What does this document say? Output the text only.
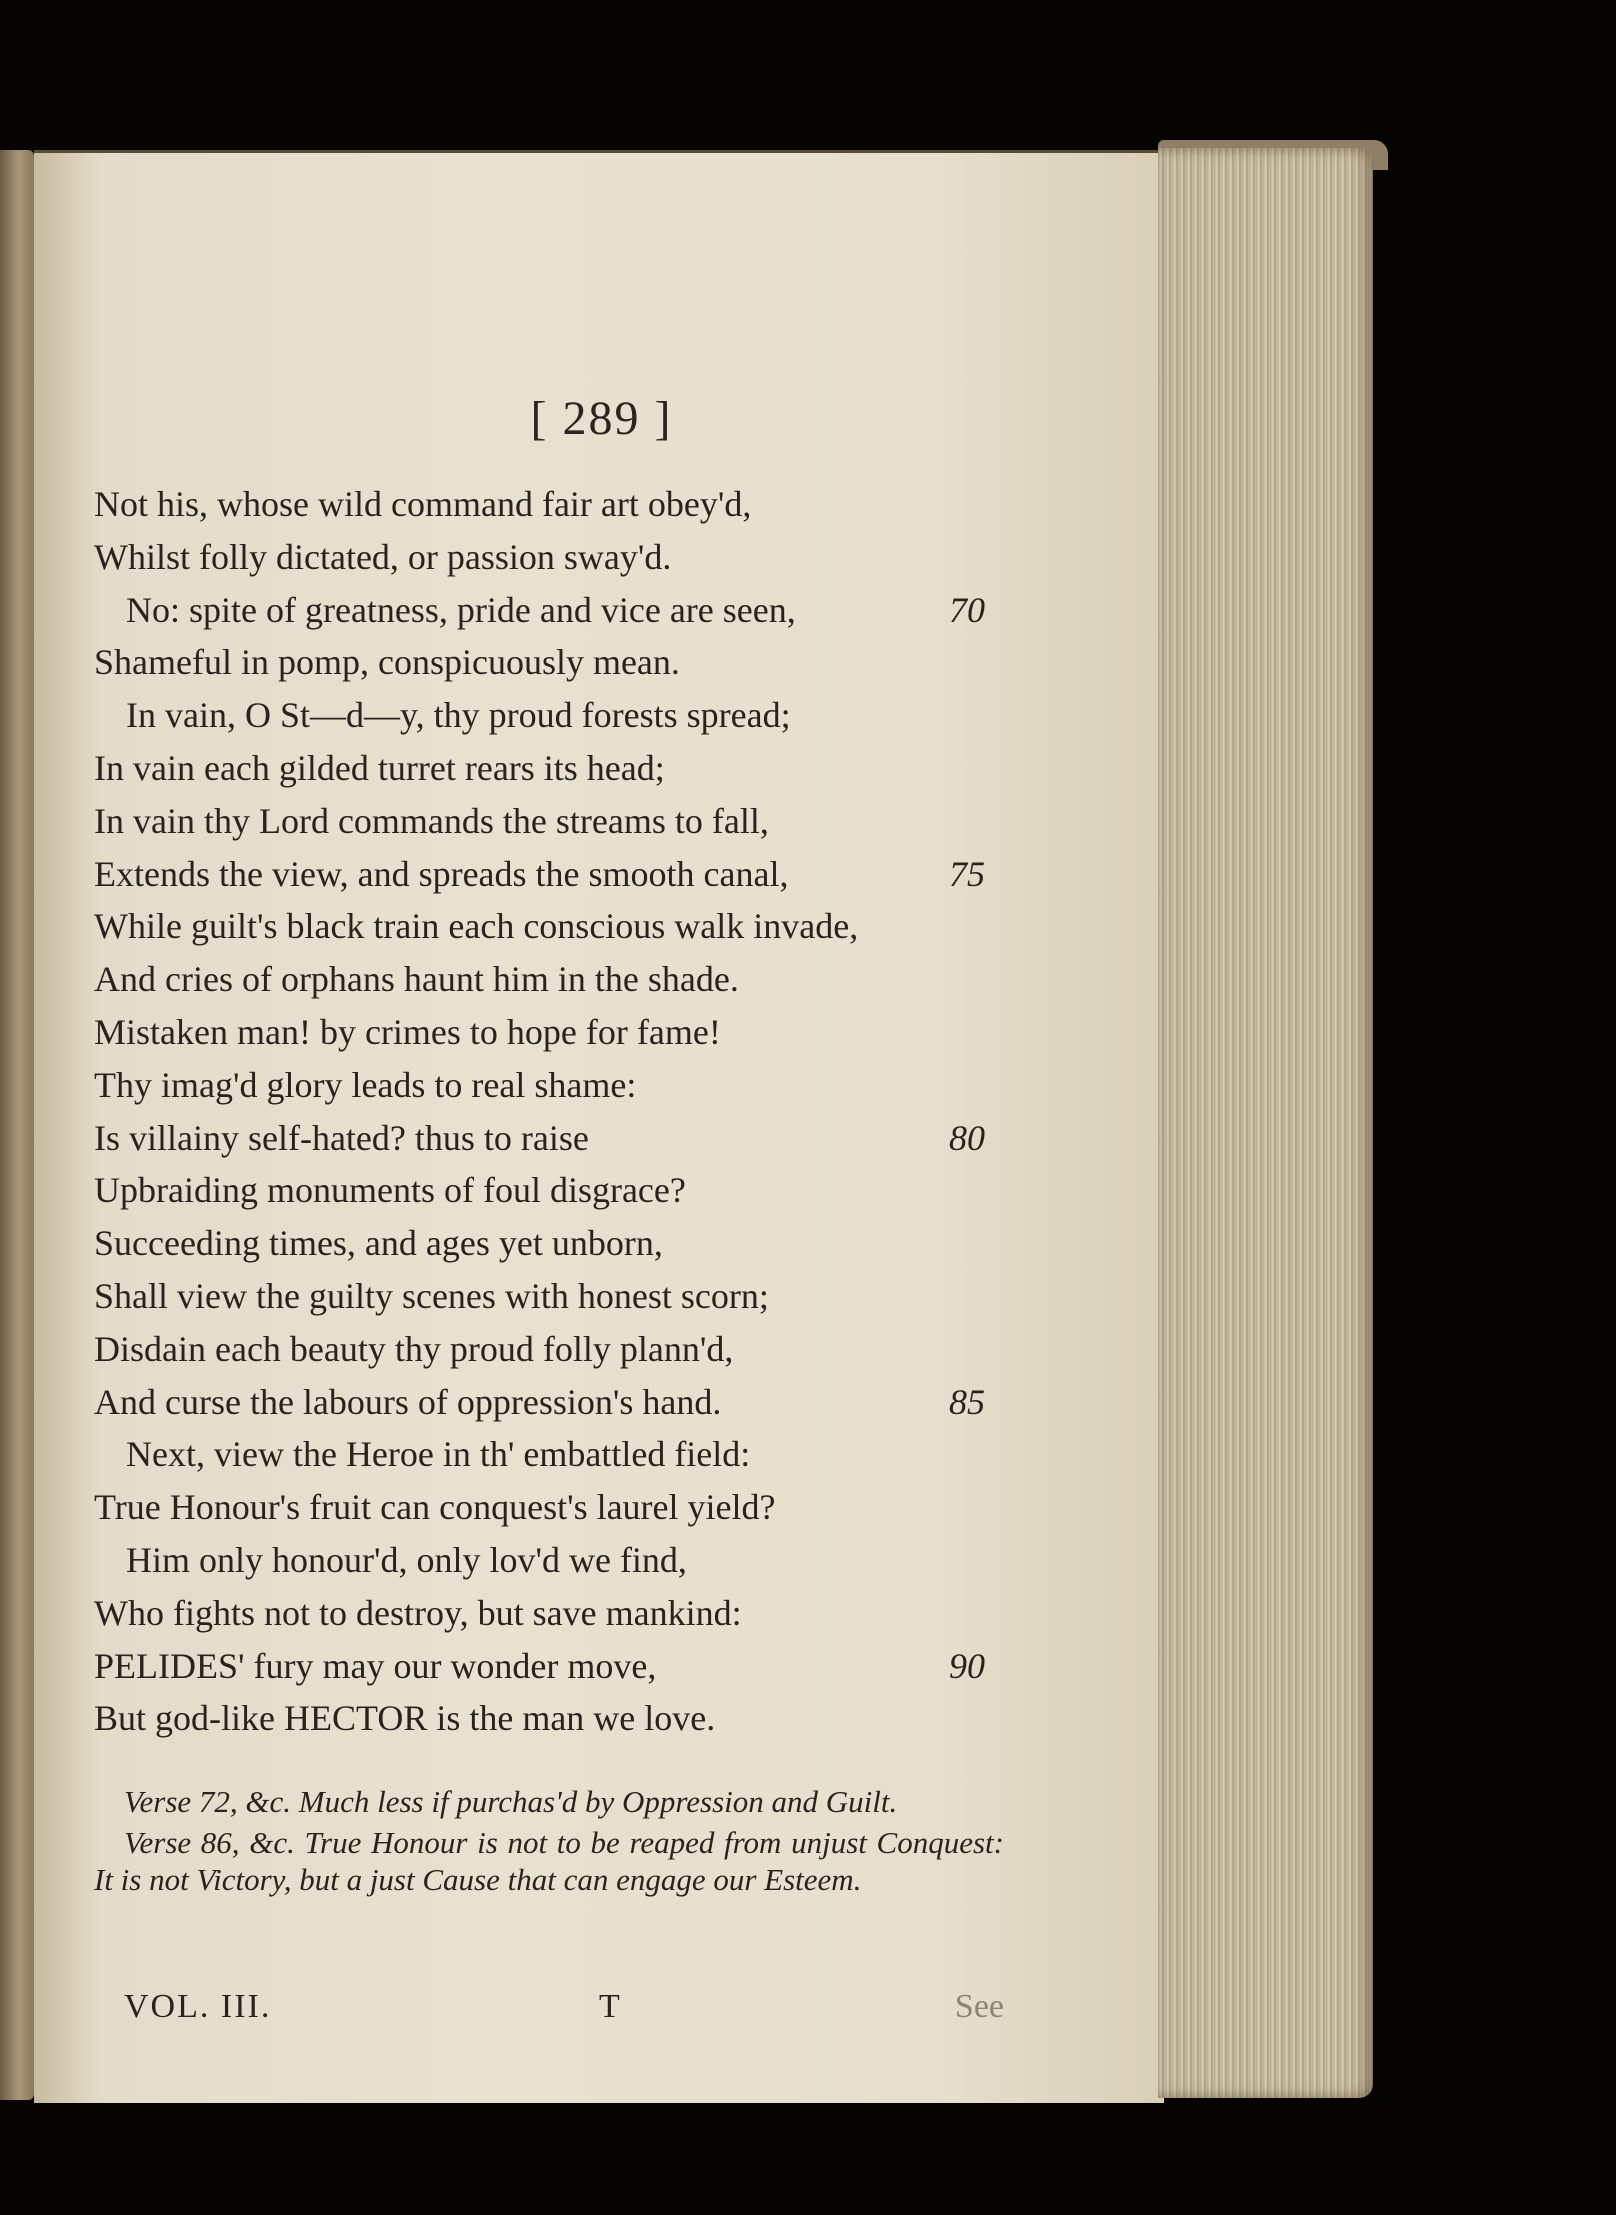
[ 289 ]
Not his, whose wild command fair art obey'd,
Whilst folly dictated, or passion sway'd.
No: spite of greatness, pride and vice are seen,	70
Shameful in pomp, conspicuously mean.
In vain, O St—d—y, thy proud forests spread;
In vain each gilded turret rears its head;
In vain thy Lord commands the streams to fall,
Extends the view, and spreads the smooth canal,	75
While guilt's black train each conscious walk invade,
And cries of orphans haunt him in the shade.
Mistaken man! by crimes to hope for fame!
Thy imag'd glory leads to real shame:
Is villainy self-hated? thus to raise	80
Upbraiding monuments of foul disgrace?
Succeeding times, and ages yet unborn,
Shall view the guilty scenes with honest scorn;
Disdain each beauty thy proud folly plann'd,
And curse the labours of oppression's hand.	85
Next, view the Heroe in th' embattled field:
True Honour's fruit can conquest's laurel yield?
Him only honour'd, only lov'd we find,
Who fights not to destroy, but save mankind:
PELIDES' fury may our wonder move,	90
But god-like HECTOR is the man we love.
Verse 72, &c. Much less if purchas'd by Oppression and Guilt.
Verse 86, &c. True Honour is not to be reaped from unjust Conquest: It is not Victory, but a just Cause that can engage our Esteem.
VOL. III.	T	See
